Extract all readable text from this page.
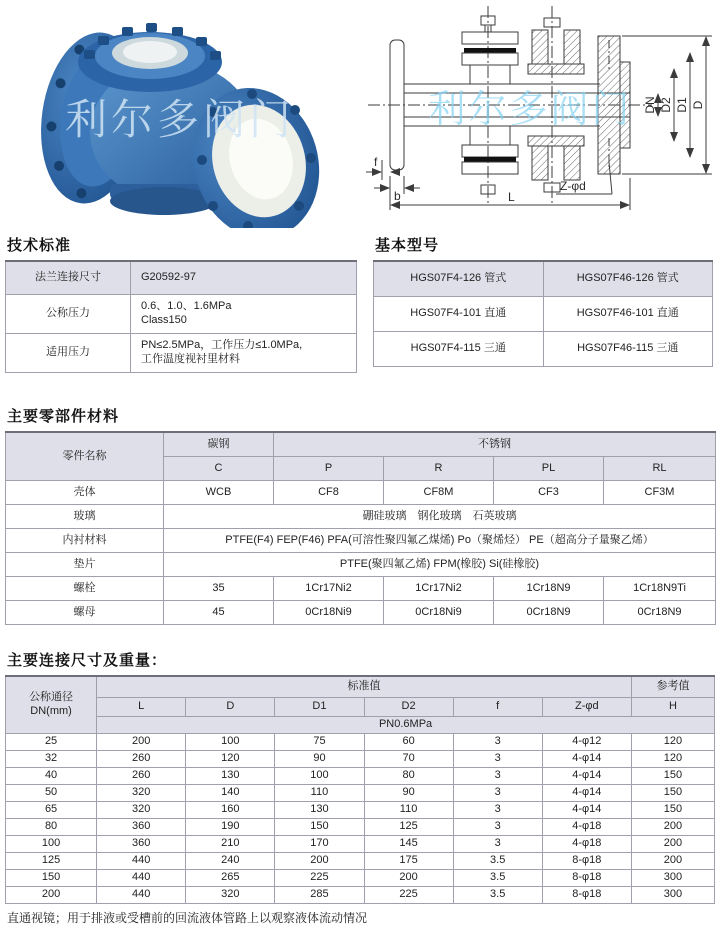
利尔多阀门
f
b	L
Z-φd
DN D2 D1 D
利尔多阀门
技术标准
法兰连接尺寸	G20592-97
公称压力	0.6、1.0、1.6MPa
Class150

适用压力	PN≤2.5MPa，工作压力≤1.0MPa,
工作温度视衬里材料
基本型号
HGS07F4-126 管式	HGS07F46-126 管式
HGS07F4-101 直通	HGS07F46-101 直通
HGS07F4-115 三通	HGS07F46-115 三通
主要零部件材料
零件名称	碳钢	不锈钢			
	C	P	R	PL	RL
壳体	WCB	CF8	CF8M	CF3	CF3M
玻璃	硼硅玻璃　钢化玻璃　石英玻璃				
内衬材料	PTFE(F4) FEP(F46) PFA(可溶性聚四氟乙煤烯) Po（聚烯烃） PE（超高分子量聚乙烯）				
垫片	PTFE(聚四氟乙烯) FPM(橡胶) Si(硅橡胶)				
螺栓	35	1Cr17Ni2	1Cr17Ni2	1Cr18N9	1Cr18N9Ti
螺母	45	0Cr18Ni9	0Cr18Ni9	0Cr18N9	0Cr18N9
主要连接尺寸及重量：
公称通径
DN(mm)	标准值						参考值
	L	D	D1	D2	f	Z-φd	H
	PN0.6MPa						
25	200	100	75	60	3	4-φ12	120
32	260	120	90	70	3	4-φ14	120
40	260	130	100	80	3	4-φ14	150
50	320	140	110	90	3	4-φ14	150
65	320	160	130	110	3	4-φ14	150
80	360	190	150	125	3	4-φ18	200
100	360	210	170	145	3	4-φ18	200
125	440	240	200	175	3.5	8-φ18	200
150	440	265	225	200	3.5	8-φ18	300
200	440	320	285	225	3.5	8-φ18	300
直通视镜；用于排液或受槽前的回流液体管路上以观察液体流动情况
